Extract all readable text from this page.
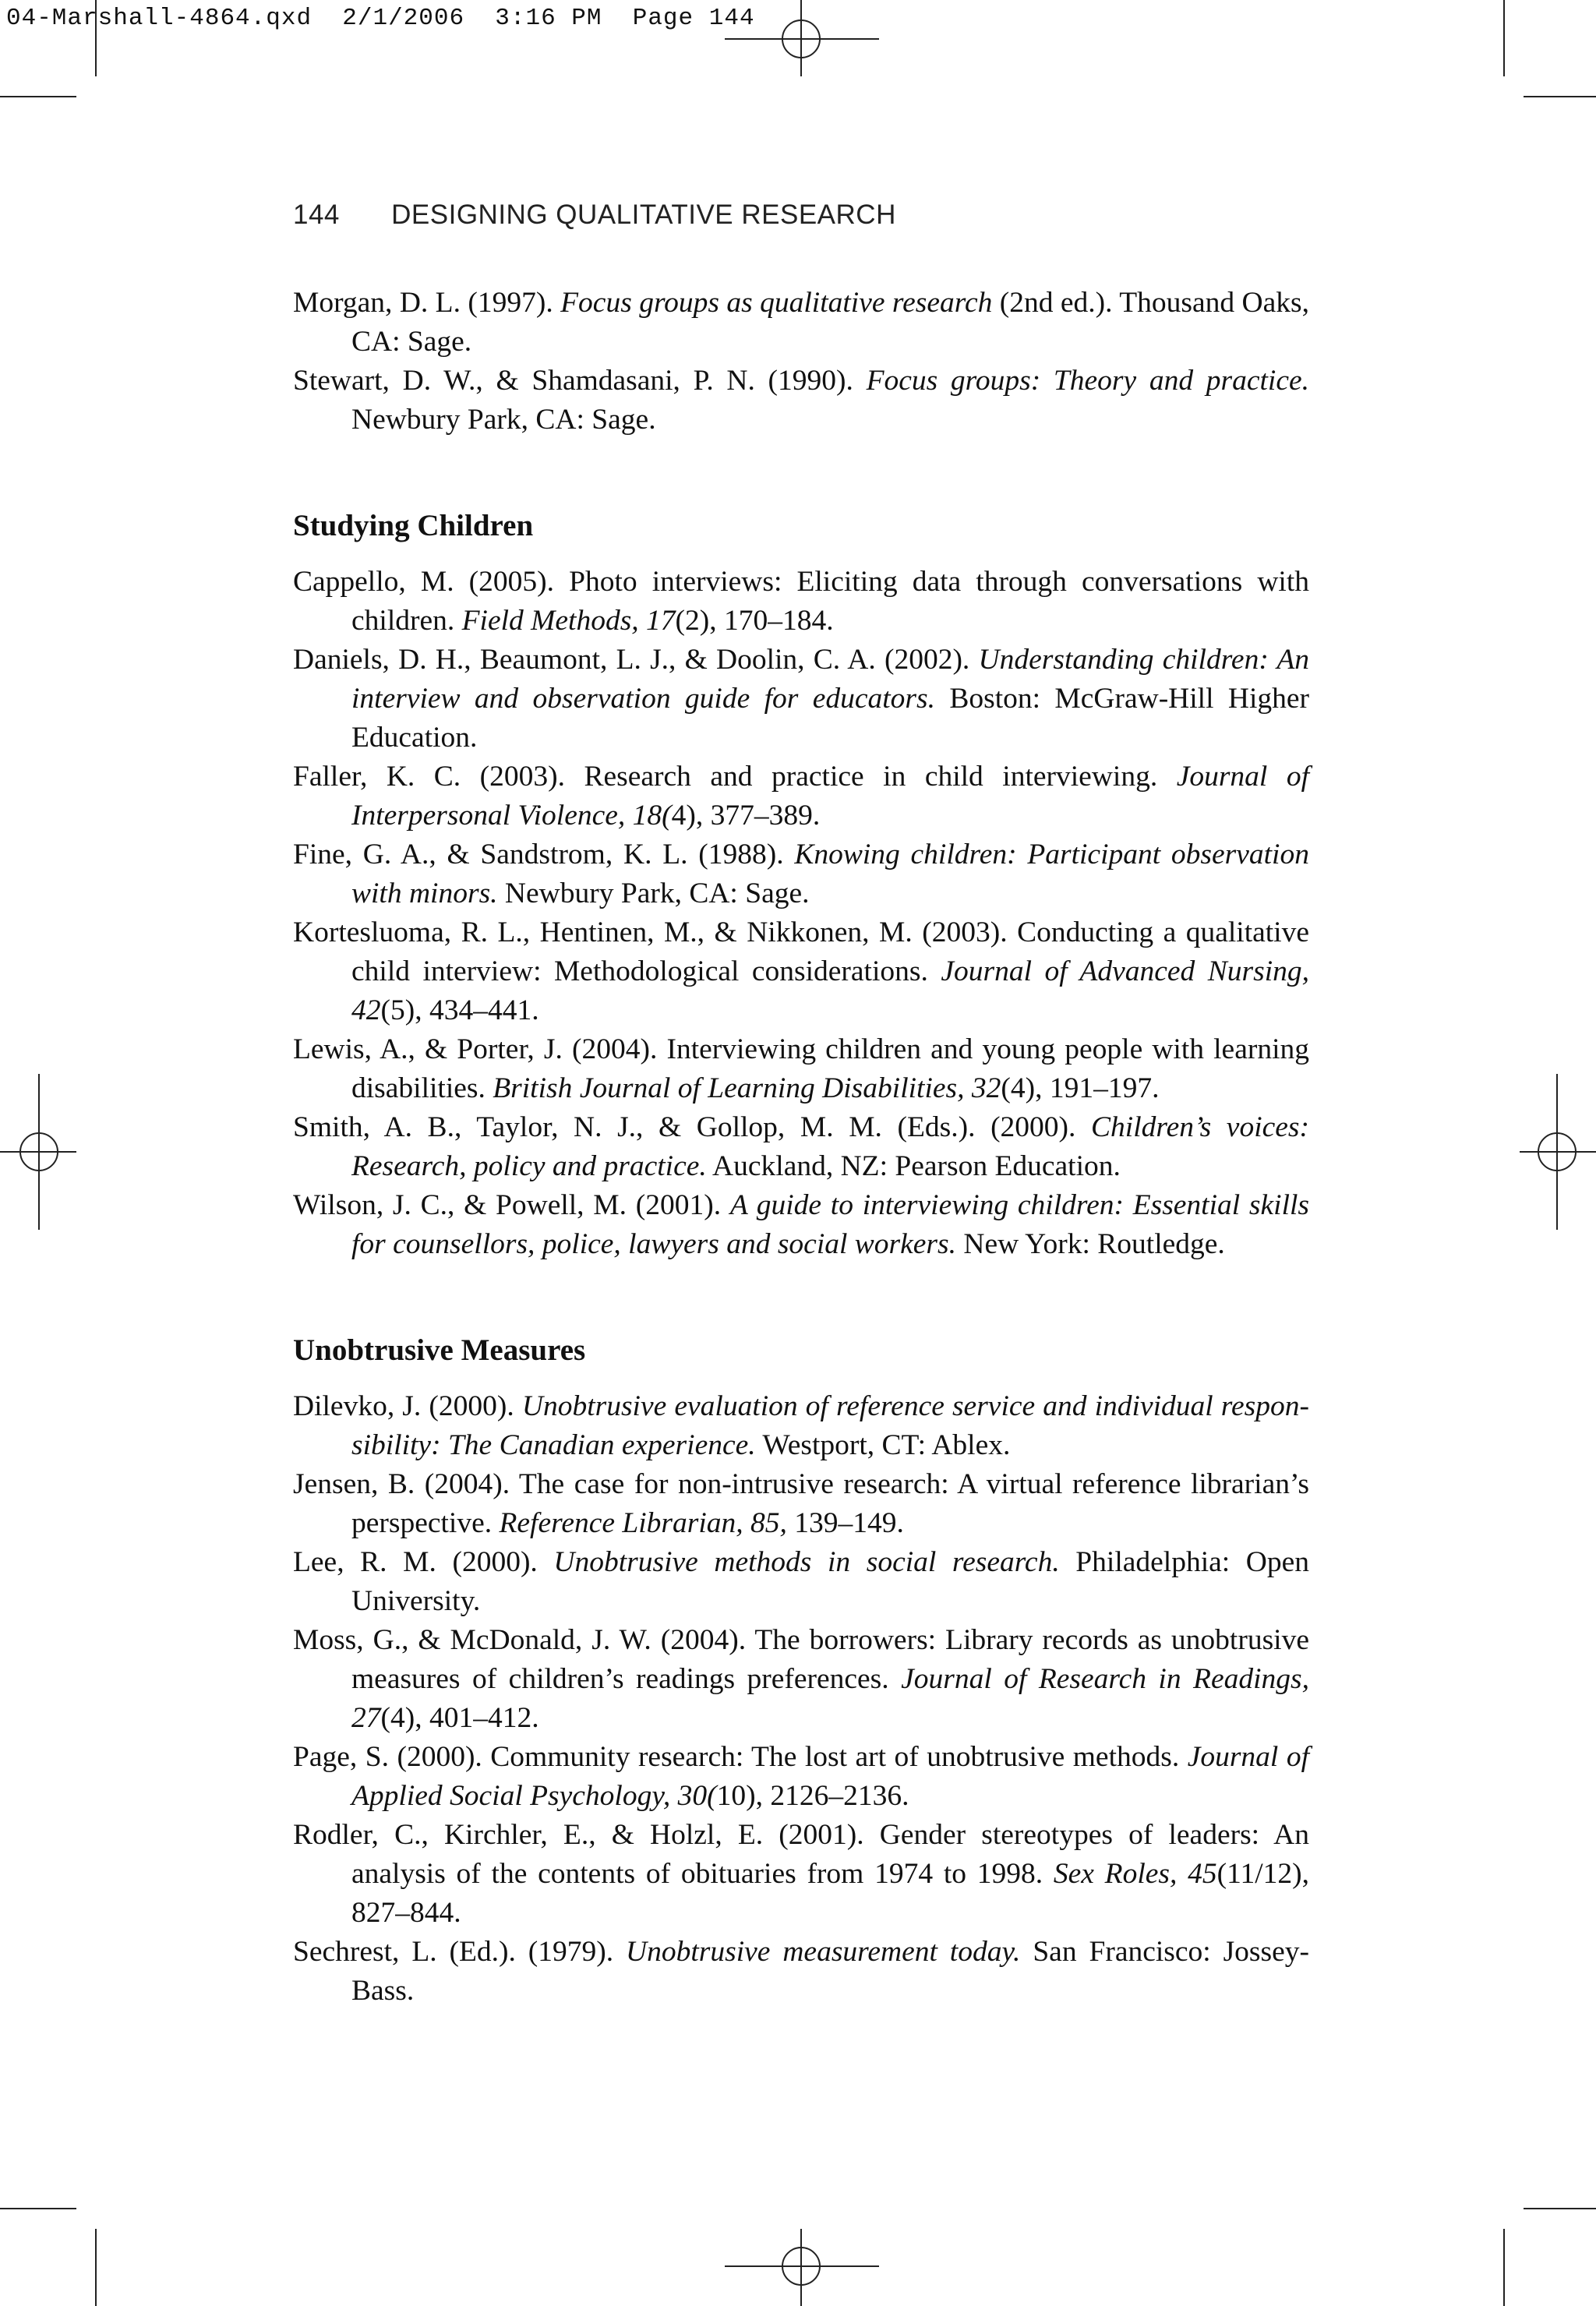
04-Marshall-4864.qxd  2/1/2006  3:16 PM  Page 144
144 DESIGNING QUALITATIVE RESEARCH

Morgan, D. L. (1997). Focus groups as qualitative research (2nd ed.). Thousand Oaks, CA: Sage.

Stewart, D. W., & Shamdasani, P. N. (1990). Focus groups: Theory and practice. Newbury Park, CA: Sage.

Studying Children

Cappello, M. (2005). Photo interviews: Eliciting data through conversations with children. Field Methods, 17(2), 170–184.

Daniels, D. H., Beaumont, L. J., & Doolin, C. A. (2002). Understanding children: An interview and observation guide for educators. Boston: McGraw-Hill Higher Education.

Faller, K. C. (2003). Research and practice in child interviewing. Journal of Interpersonal Violence, 18(4), 377–389.

Fine, G. A., & Sandstrom, K. L. (1988). Knowing children: Participant observation with minors. Newbury Park, CA: Sage.

Kortesluoma, R. L., Hentinen, M., & Nikkonen, M. (2003). Conducting a qualitative child interview: Methodological considerations. Journal of Advanced Nursing, 42(5), 434–441.

Lewis, A., & Porter, J. (2004). Interviewing children and young people with learning disabilities. British Journal of Learning Disabilities, 32(4), 191–197.

Smith, A. B., Taylor, N. J., & Gollop, M. M. (Eds.). (2000). Children’s voices: Research, policy and practice. Auckland, NZ: Pearson Education.

Wilson, J. C., & Powell, M. (2001). A guide to interviewing children: Essential skills for counsellors, police, lawyers and social workers. New York: Routledge.

Unobtrusive Measures

Dilevko, J. (2000). Unobtrusive evaluation of reference service and individual responsibility: The Canadian experience. Westport, CT: Ablex.

Jensen, B. (2004). The case for non-intrusive research: A virtual reference librarian’s perspective. Reference Librarian, 85, 139–149.

Lee, R. M. (2000). Unobtrusive methods in social research. Philadelphia: Open University.

Moss, G., & McDonald, J. W. (2004). The borrowers: Library records as unobtrusive measures of children’s readings preferences. Journal of Research in Readings, 27(4), 401–412.

Page, S. (2000). Community research: The lost art of unobtrusive methods. Journal of Applied Social Psychology, 30(10), 2126–2136.

Rodler, C., Kirchler, E., & Holzl, E. (2001). Gender stereotypes of leaders: An analysis of the contents of obituaries from 1974 to 1998. Sex Roles, 45(11/12), 827–844.

Sechrest, L. (Ed.). (1979). Unobtrusive measurement today. San Francisco: Jossey-Bass.
